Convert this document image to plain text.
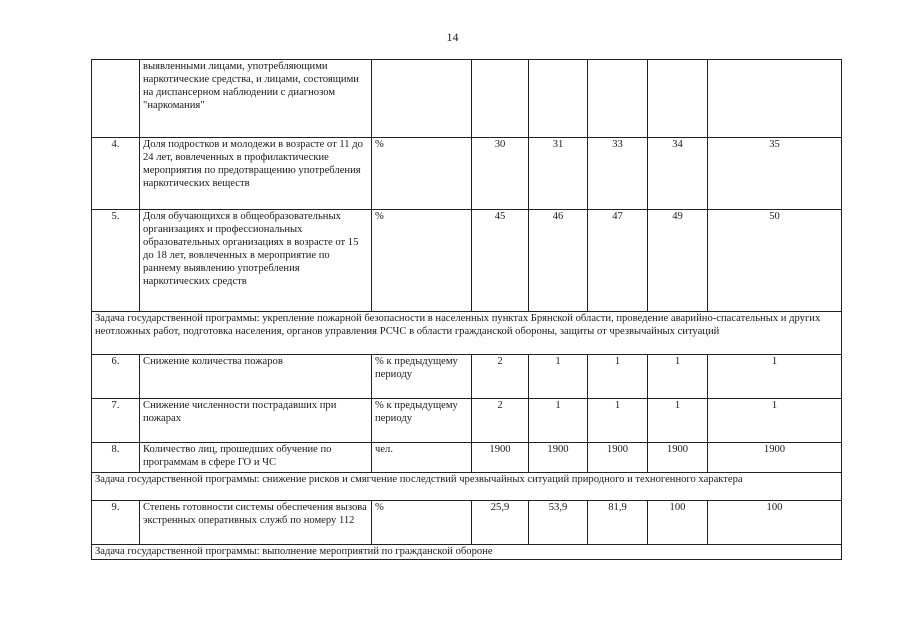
14
	выявленными лицами, употребляющими наркотические средства, и лицами, состоящими на диспансерном наблюдении с диагнозом "наркомания"						
4.	Доля подростков и молодежи в возрасте от 11 до 24 лет, вовлеченных в профилактические мероприятия по предотвращению употребления наркотических веществ	%	30	31	33	34	35
5.	Доля обучающихся в общеобразовательных организациях и профессиональных образовательных организациях в возрасте от 15 до 18 лет, вовлеченных в мероприятие по раннему выявлению употребления наркотических средств	%	45	46	47	49	50
Задача государственной программы: укрепление пожарной безопасности в населенных пунктах Брянской области, проведение аварийно-спасательных и других неотложных работ, подготовка населения, органов управления РСЧС в области гражданской обороны, защиты от чрезвычайных ситуаций							
6.	Снижение количества пожаров	% к предыдущему периоду	2	1	1	1	1
7.	Снижение численности пострадавших при пожарах	% к предыдущему периоду	2	1	1	1	1
8.	Количество лиц, прошедших обучение по программам в сфере ГО и ЧС	чел.	1900	1900	1900	1900	1900
Задача государственной программы: снижение рисков и смягчение последствий чрезвычайных ситуаций природного и техногенного характера							
9.	Степень готовности системы обеспечения вызова экстренных оперативных служб по номеру 112	%	25,9	53,9	81,9	100	100
Задача государственной программы: выполнение мероприятий по гражданской обороне							
